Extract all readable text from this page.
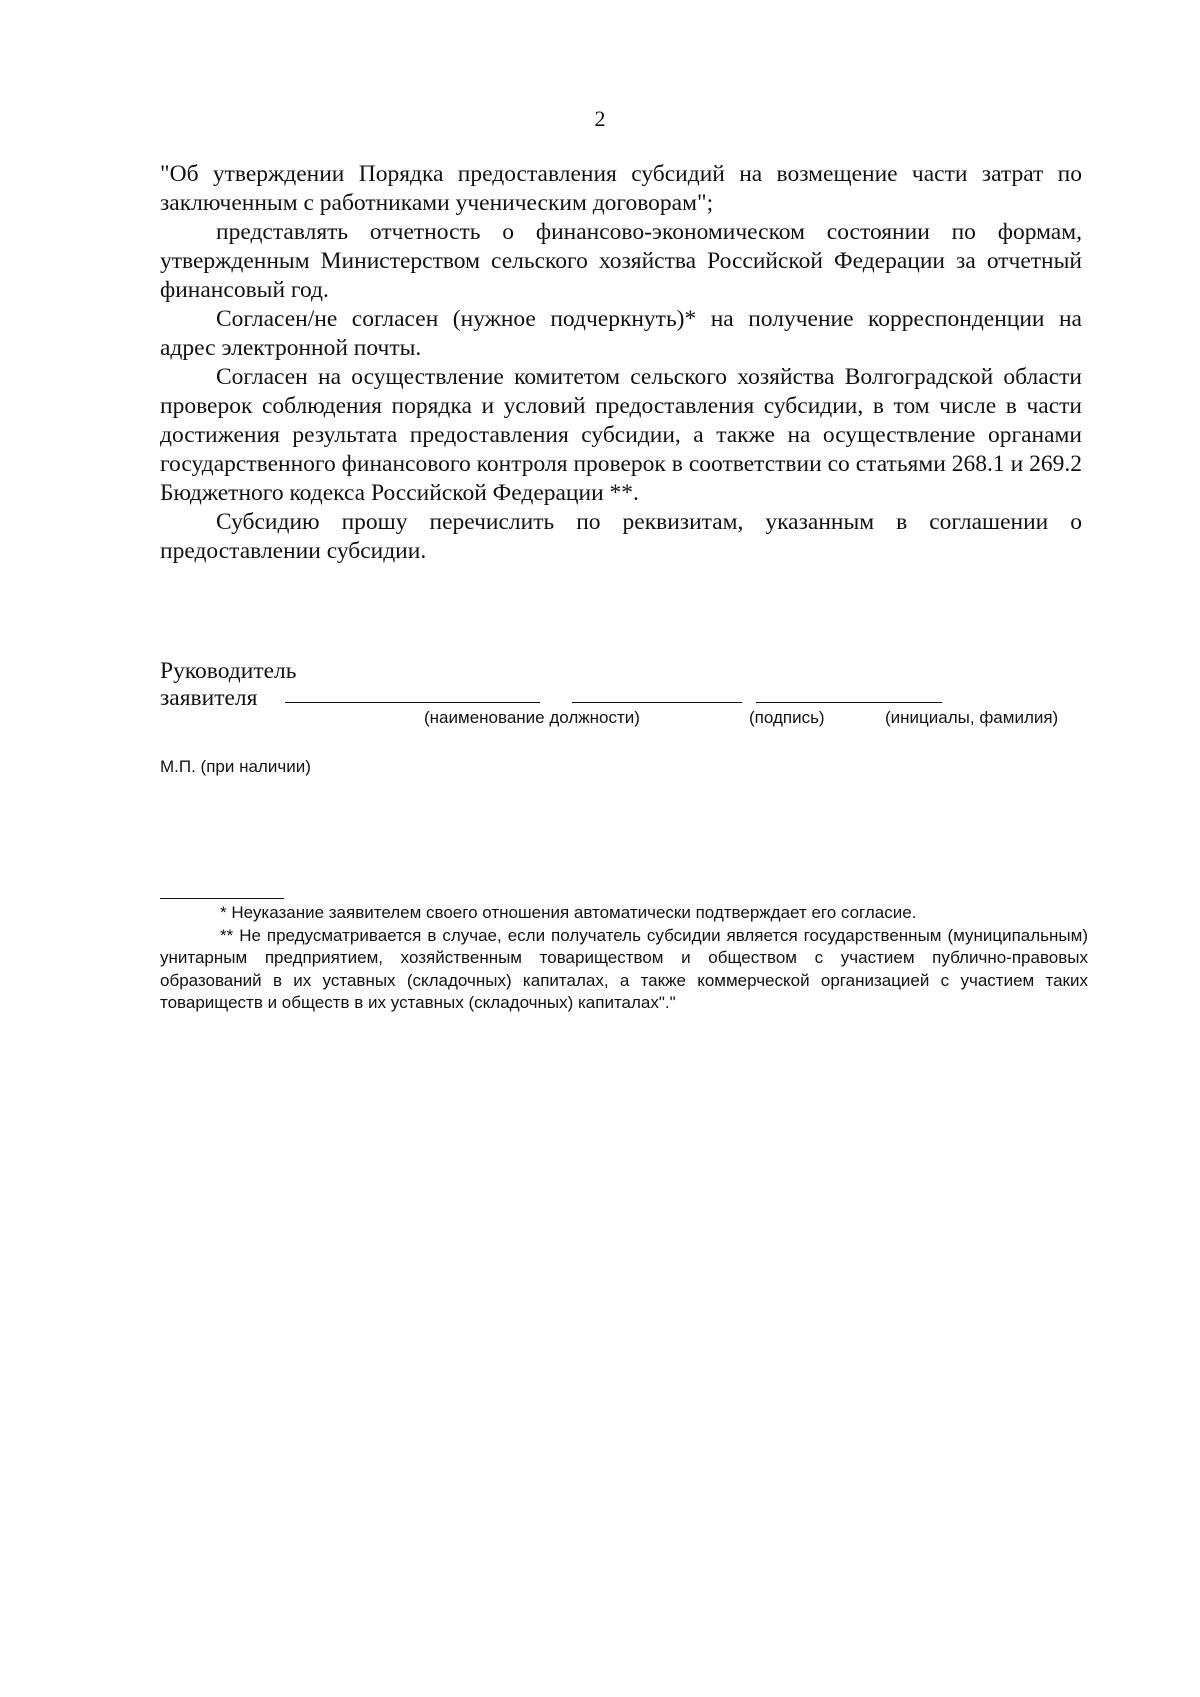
2

"Об утверждении Порядка предоставления субсидий на возмещение части затрат по заключенным с работниками ученическим договорам";

представлять отчетность о финансово-экономическом состоянии по формам, утвержденным Министерством сельского хозяйства Российской Федерации за отчетный финансовый год.

Согласен/не согласен (нужное подчеркнуть)* на получение корреспонденции на адрес электронной почты.

Согласен на осуществление комитетом сельского хозяйства Волгоградской области проверок соблюдения порядка и условий предоставления субсидии, в том числе в части достижения результата предоставления субсидии, а также на осуществление органами государственного финансового контроля проверок в соответствии со статьями 268.1 и 269.2 Бюджетного кодекса Российской Федерации **.

Субсидию прошу перечислить по реквизитам, указанным в соглашении о предоставлении субсидии.

Руководитель
заявителя
(наименование должности)	(подпись)	(инициалы, фамилия)
М.П. (при наличии)

* Неуказание заявителем своего отношения автоматически подтверждает его согласие.

** Не предусматривается в случае, если получатель субсидии является государственным (муниципальным) унитарным предприятием, хозяйственным товариществом и обществом с участием публично-правовых образований в их уставных (складочных) капиталах, а также коммерческой организацией с участием таких товариществ и обществ в их уставных (складочных) капиталах"."
